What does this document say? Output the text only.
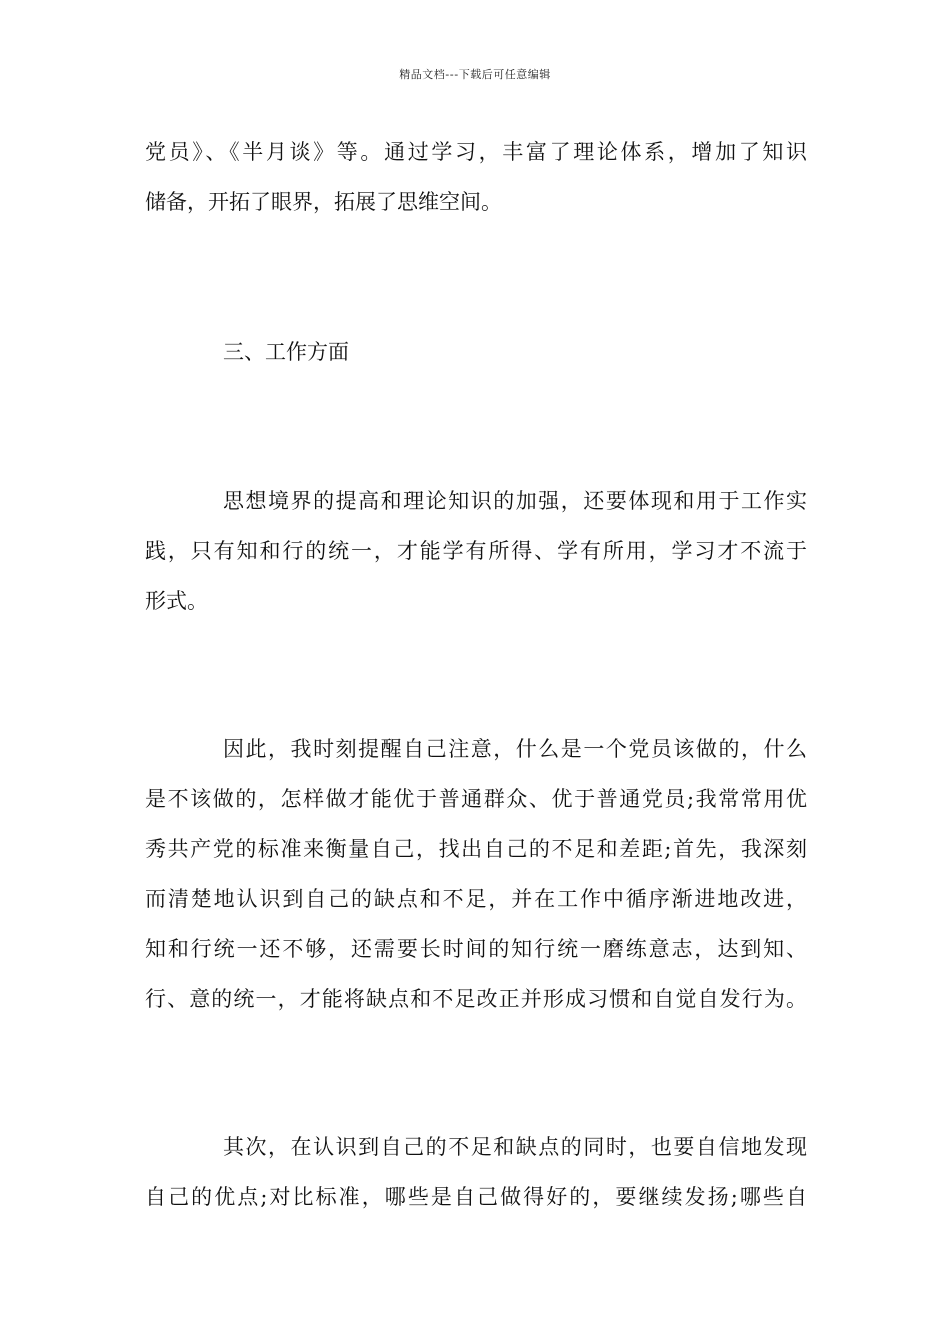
精品文档---下载后可任意编辑
党员》、《半月谈》等。通过学习，丰富了理论体系，增加了知识
储备，开拓了眼界，拓展了思维空间。
三、工作方面
思想境界的提高和理论知识的加强，还要体现和用于工作实
践，只有知和行的统一，才能学有所得、学有所用，学习才不流于
形式。
因此，我时刻提醒自己注意，什么是一个党员该做的，什么
是不该做的，怎样做才能优于普通群众、优于普通党员;我常常用优
秀共产党的标准来衡量自己，找出自己的不足和差距;首先，我深刻
而清楚地认识到自己的缺点和不足，并在工作中循序渐进地改进，
知和行统一还不够，还需要长时间的知行统一磨练意志，达到知、
行、意的统一，才能将缺点和不足改正并形成习惯和自觉自发行为。
其次，在认识到自己的不足和缺点的同时，也要自信地发现
自己的优点;对比标准，哪些是自己做得好的，要继续发扬;哪些自
